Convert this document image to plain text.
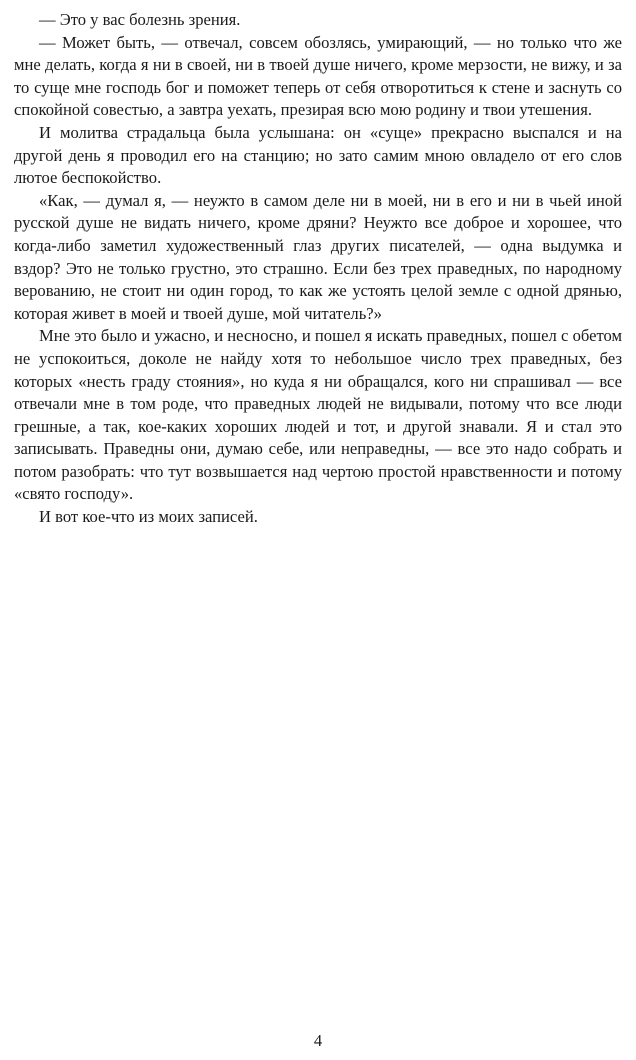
— Это у вас болезнь зрения.

— Может быть, — отвечал, совсем обозлясь, умирающий, — но только что же мне делать, когда я ни в своей, ни в твоей душе ничего, кроме мерзости, не вижу, и за то суще мне господь бог и поможет теперь от себя отворотиться к стене и заснуть со спокойной совестью, а завтра уехать, презирая всю мою родину и твои утешения.

И молитва страдальца была услышана: он «суще» прекрасно выспался и на другой день я проводил его на станцию; но зато самим мною овладело от его слов лютое беспокойство.

«Как, — думал я, — неужто в самом деле ни в моей, ни в его и ни в чьей иной русской душе не видать ничего, кроме дряни? Неужто все доброе и хорошее, что когда-либо заметил художественный глаз других писателей, — одна выдумка и вздор? Это не только грустно, это страшно. Если без трех праведных, по народному верованию, не стоит ни один город, то как же устоять целой земле с одной дрянью, которая живет в моей и твоей душе, мой читатель?»

Мне это было и ужасно, и несносно, и пошел я искать праведных, пошел с обетом не успокоиться, доколе не найду хотя то небольшое число трех праведных, без которых «несть граду стояния», но куда я ни обращался, кого ни спрашивал — все отвечали мне в том роде, что праведных людей не видывали, потому что все люди грешные, а так, кое-каких хороших людей и тот, и другой знавали. Я и стал это записывать. Праведны они, думаю себе, или неправедны, — все это надо собрать и потом разобрать: что тут возвышается над чертою простой нравственности и потому «свято господу».

И вот кое-что из моих записей.

4
